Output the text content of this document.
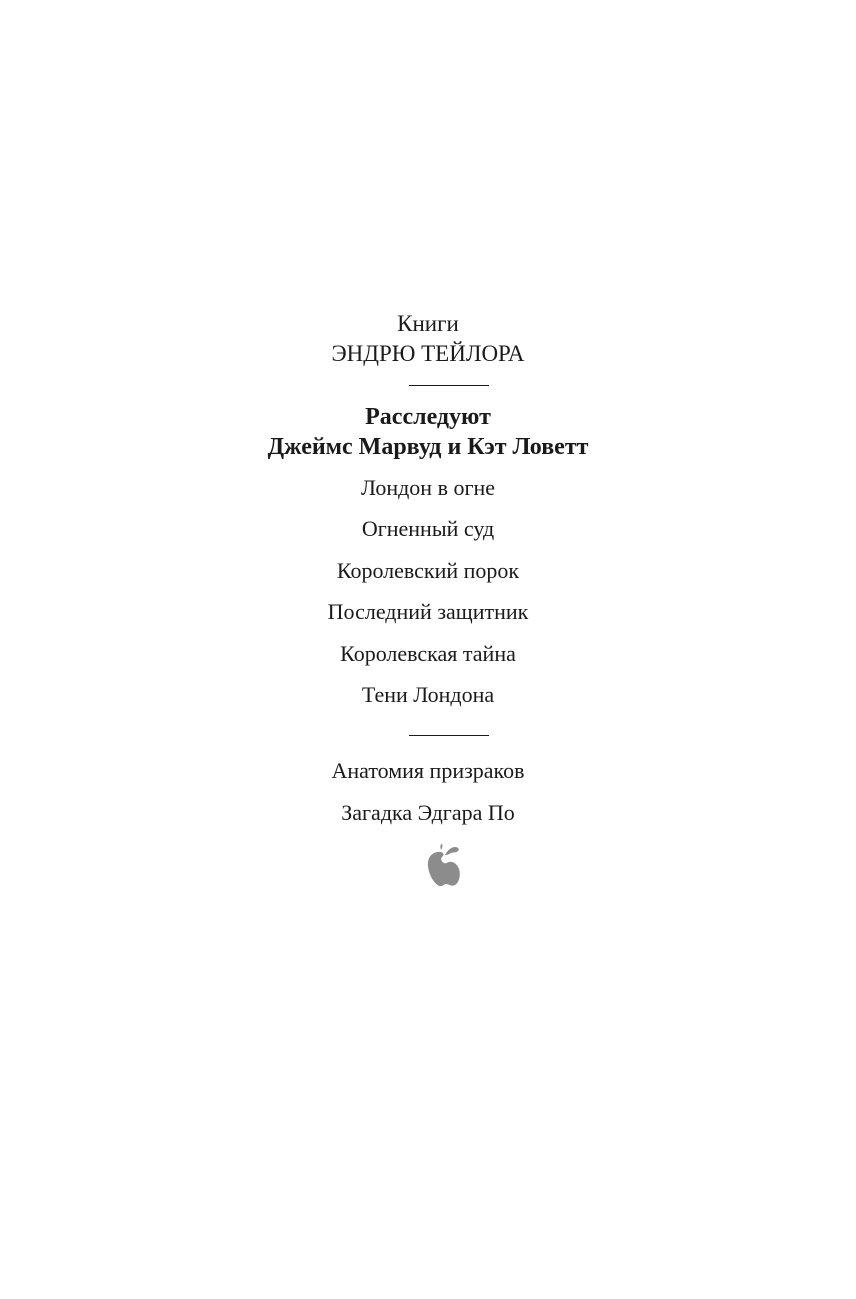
Книги
ЭНДРЮ ТЕЙЛОРА
Расследуют
Джеймс Марвуд и Кэт Ловетт
Лондон в огне
Огненный суд
Королевский порок
Последний защитник
Королевская тайна
Тени Лондона
Анатомия призраков
Загадка Эдгара По
